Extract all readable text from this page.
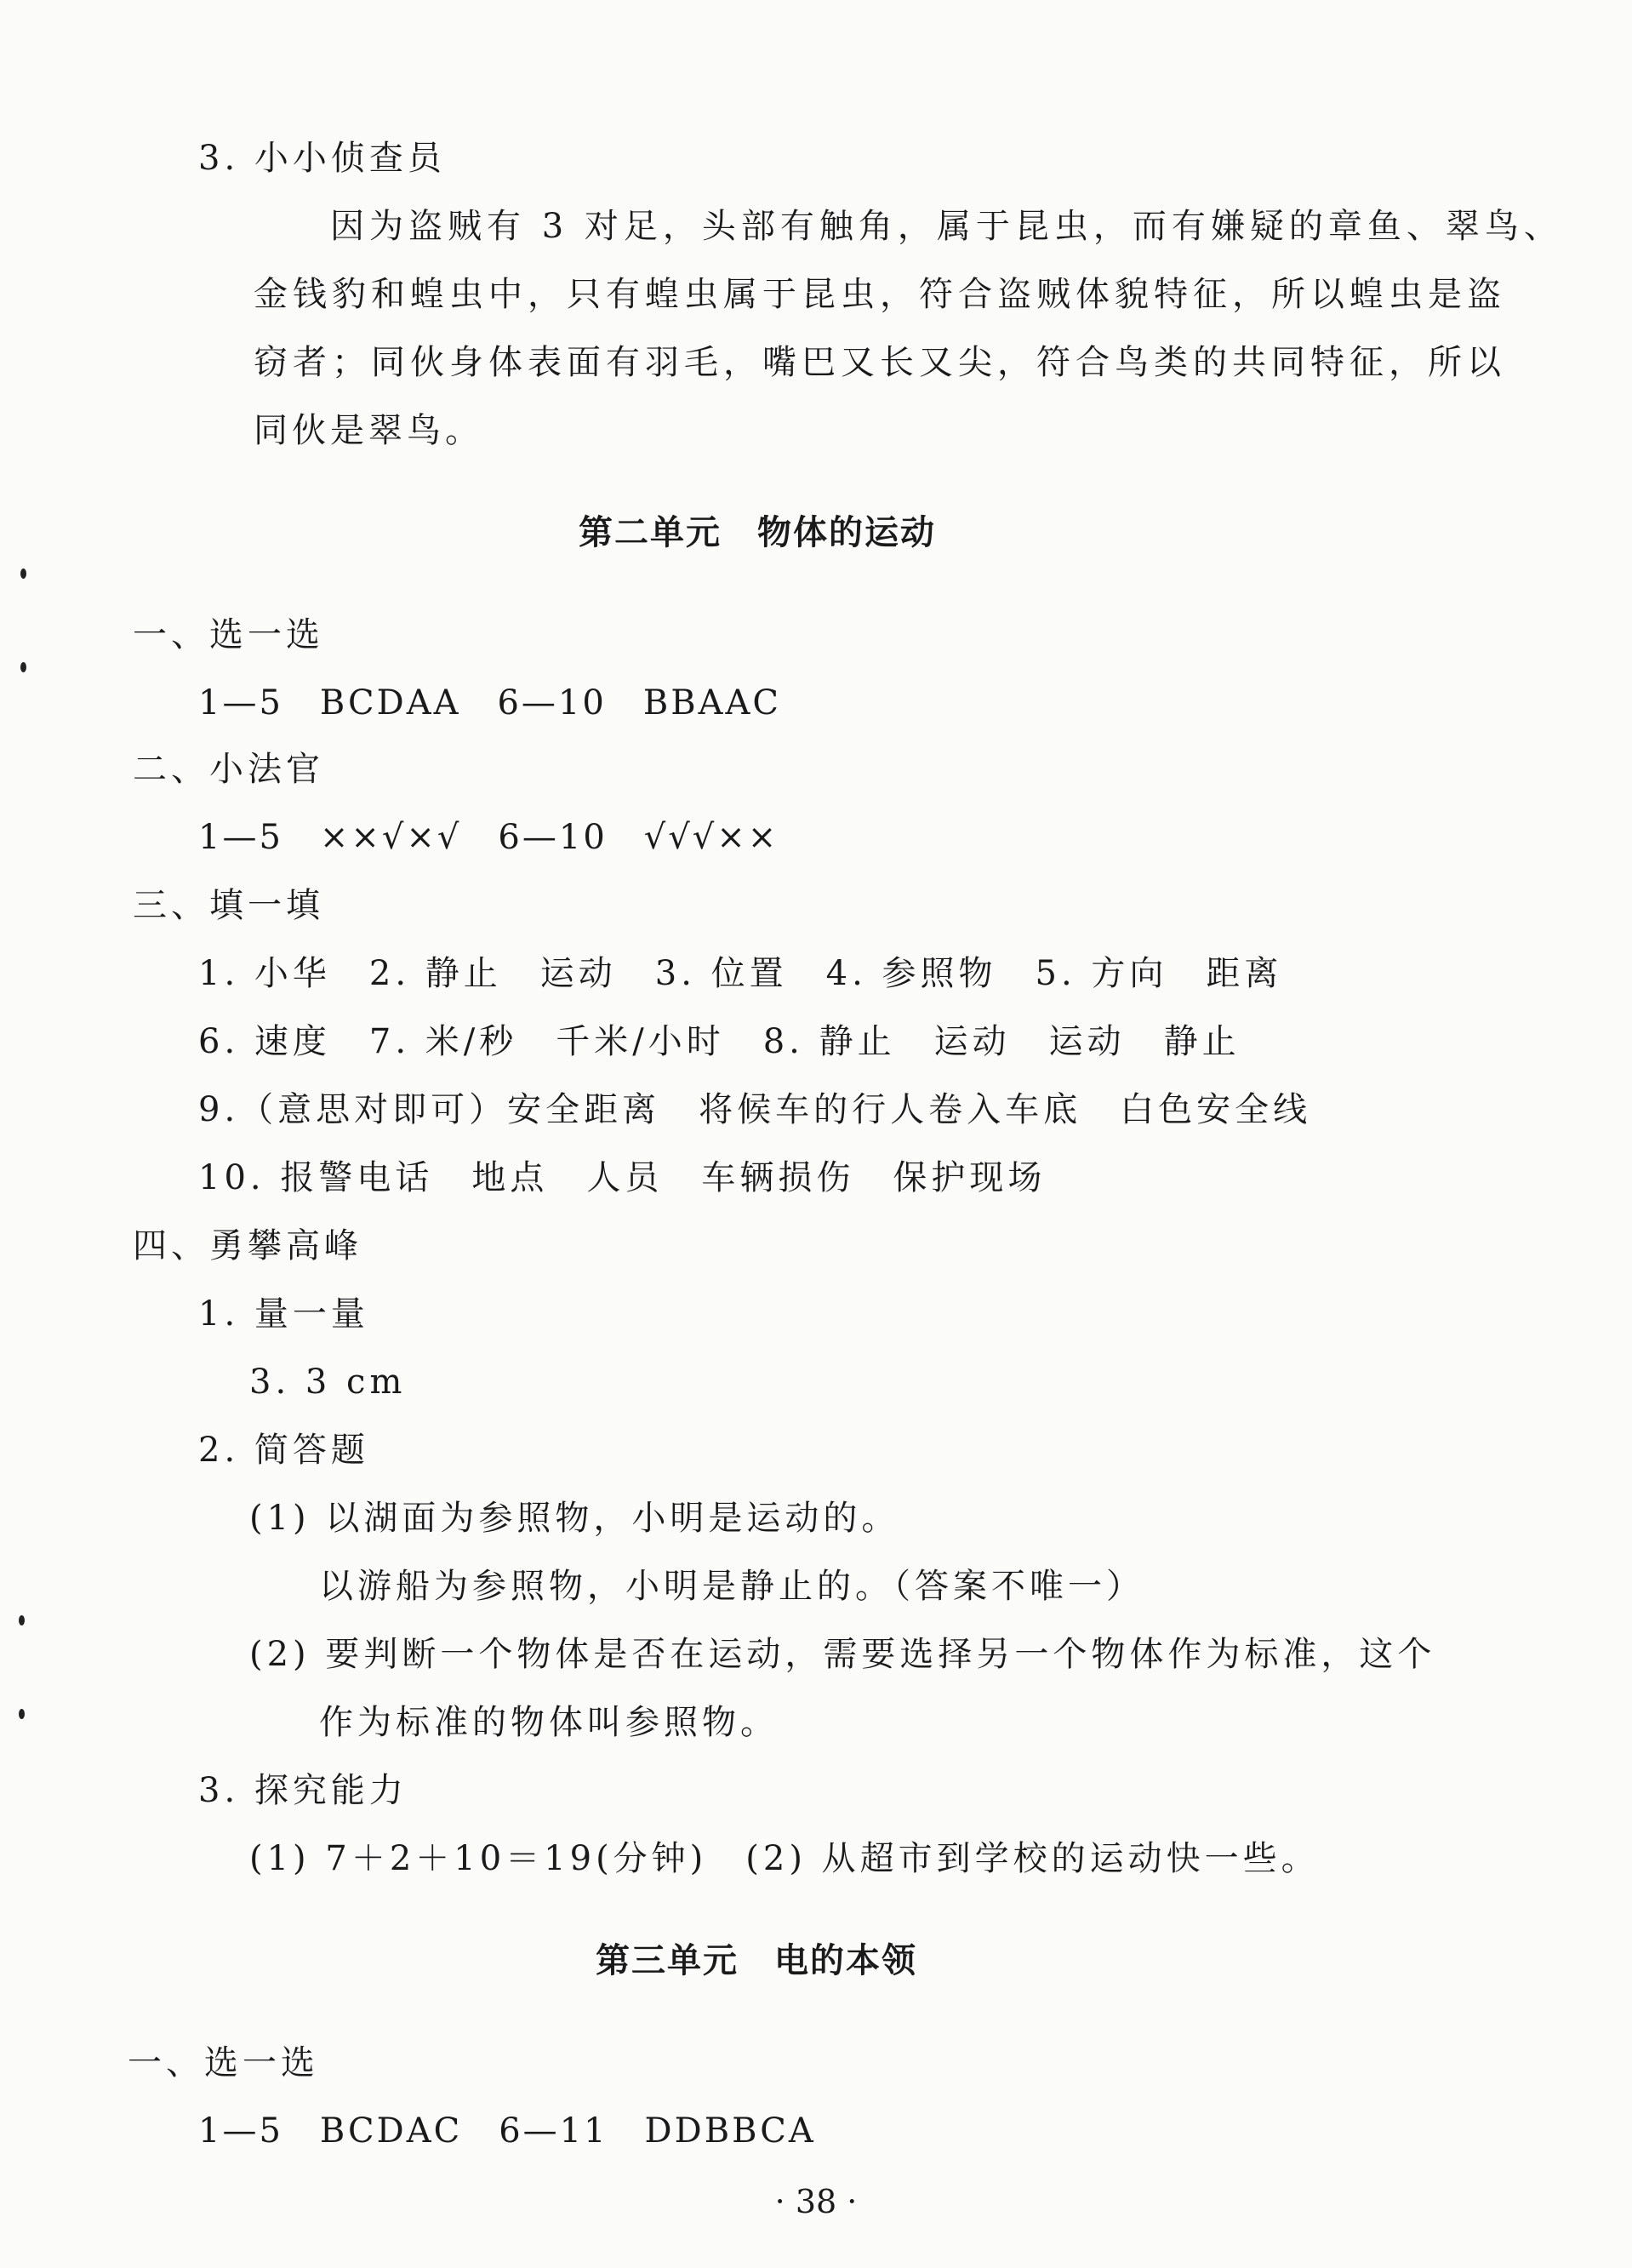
3. 小小侦查员
因为盗贼有 3 对足，头部有触角，属于昆虫，而有嫌疑的章鱼、翠鸟、
金钱豹和蝗虫中，只有蝗虫属于昆虫，符合盗贼体貌特征，所以蝗虫是盗
窃者；同伙身体表面有羽毛，嘴巴又长又尖，符合鸟类的共同特征，所以
同伙是翠鸟。
第二单元　物体的运动
一、选一选
1—5　BCDAA　6—10　BBAAC
二、小法官
1—5　××√×√　6—10　√√√××
三、填一填
1. 小华　2. 静止　运动　3. 位置　4. 参照物　5. 方向　距离
6. 速度　7. 米/秒　千米/小时　8. 静止　运动　运动　静止
9.（意思对即可）安全距离　将候车的行人卷入车底　白色安全线
10. 报警电话　地点　人员　车辆损伤　保护现场
四、勇攀高峰
1. 量一量
3. 3 cm
2. 简答题
(1) 以湖面为参照物，小明是运动的。
以游船为参照物，小明是静止的。（答案不唯一）
(2) 要判断一个物体是否在运动，需要选择另一个物体作为标准，这个
作为标准的物体叫参照物。
3. 探究能力
(1) 7＋2＋10＝19(分钟)　(2) 从超市到学校的运动快一些。
第三单元　电的本领
一、选一选
1—5　BCDAC　6—11　DDBBCA
· 38 ·
